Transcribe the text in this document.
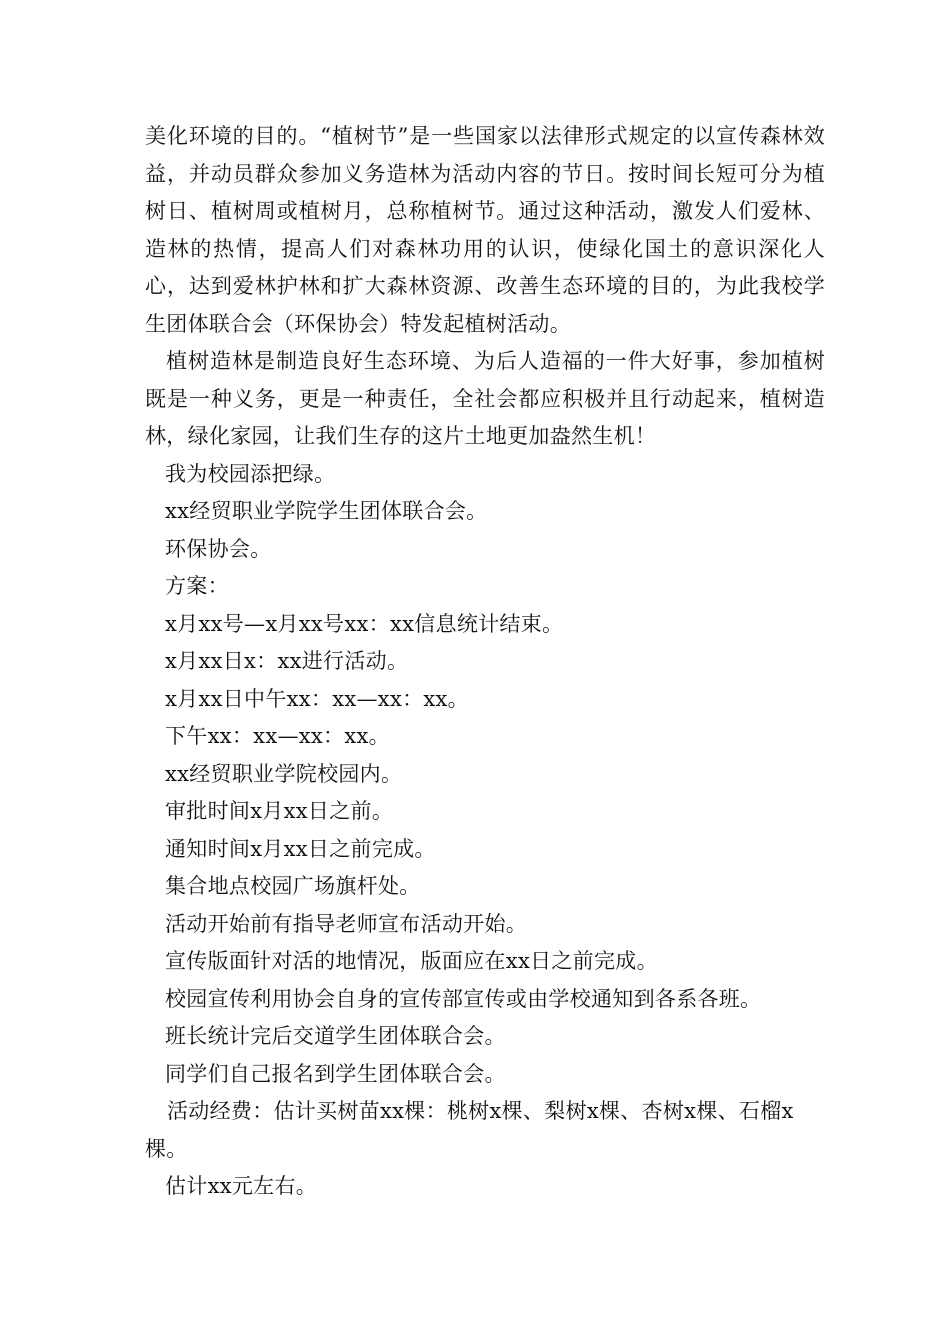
美化环境的目的。“植树节”是一些国家以法律形式规定的以宣传森林效益，并动员群众参加义务造林为活动内容的节日。按时间长短可分为植树日、植树周或植树月，总称植树节。通过这种活动，激发人们爱林、造林的热情，提高人们对森林功用的认识，使绿化国土的意识深化人心，达到爱林护林和扩大森林资源、改善生态环境的目的，为此我校学生团体联合会（环保协会）特发起植树活动。

植树造林是制造良好生态环境、为后人造福的一件大好事，参加植树既是一种义务，更是一种责任，全社会都应积极并且行动起来，植树造林，绿化家园，让我们生存的这片土地更加盎然生机！

我为校园添把绿。

xx经贸职业学院学生团体联合会。

环保协会。

方案：

x月xx号—x月xx号xx：xx信息统计结束。

x月xx日x：xx进行活动。

x月xx日中午xx：xx—xx：xx。

下午xx：xx—xx：xx。

xx经贸职业学院校园内。

审批时间x月xx日之前。

通知时间x月xx日之前完成。

集合地点校园广场旗杆处。

活动开始前有指导老师宣布活动开始。

宣传版面针对活的地情况，版面应在xx日之前完成。

校园宣传利用协会自身的宣传部宣传或由学校通知到各系各班。

班长统计完后交道学生团体联合会。

同学们自己报名到学生团体联合会。

活动经费：估计买树苗xx棵：桃树x棵、梨树x棵、杏树x棵、石榴x棵。

估计xx元左右。
